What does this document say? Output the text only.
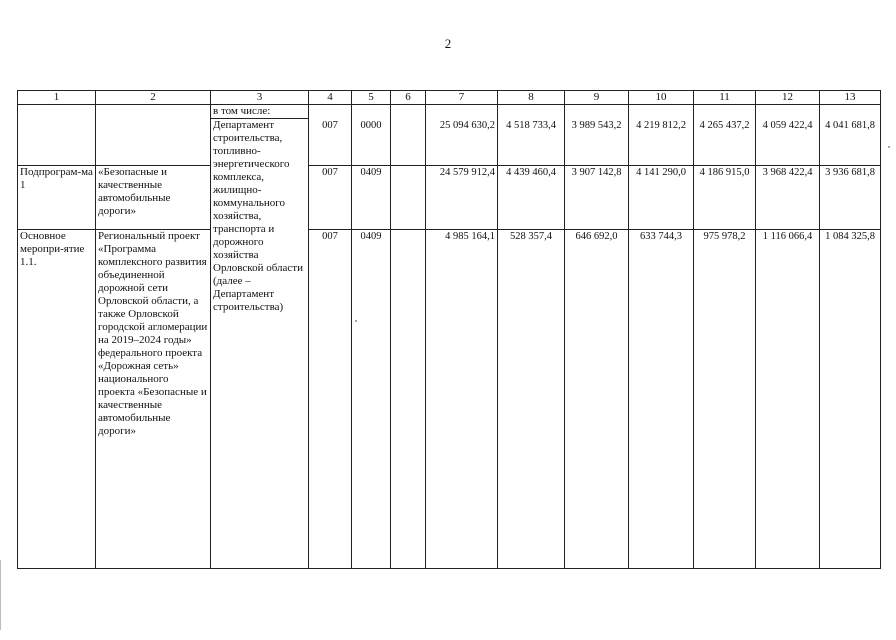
2
1	2	3	4	5	6	7	8	9	10	11	12	13
		в том числе:										
		Департамент строительства, топливно-энергетического комплекса, жилищно-коммунального хозяйства, транспорта и дорожного хозяйства Орловской области (далее – Департамент строительства)	007	0000		25 094 630,2	4 518 733,4	3 989 543,2	4 219 812,2	4 265 437,2	4 059 422,4	4 041 681,8
Подпрограм-ма 1	«Безопасные и качественные автомобильные дороги»		007	0409		24 579 912,4	4 439 460,4	3 907 142,8	4 141 290,0	4 186 915,0	3 968 422,4	3 936 681,8
Основное меропри-ятие 1.1.	Региональный проект «Программа комплексного развития объединенной дорожной сети Орловской области, а также Орловской городской агломерации на 2019–2024 годы» федерального проекта «Дорожная сеть» национального проекта «Безопасные и качественные автомобильные дороги»		007	0409		4 985 164,1	528 357,4	646 692,0	633 744,3	975 978,2	1 116 066,4	1 084 325,8
